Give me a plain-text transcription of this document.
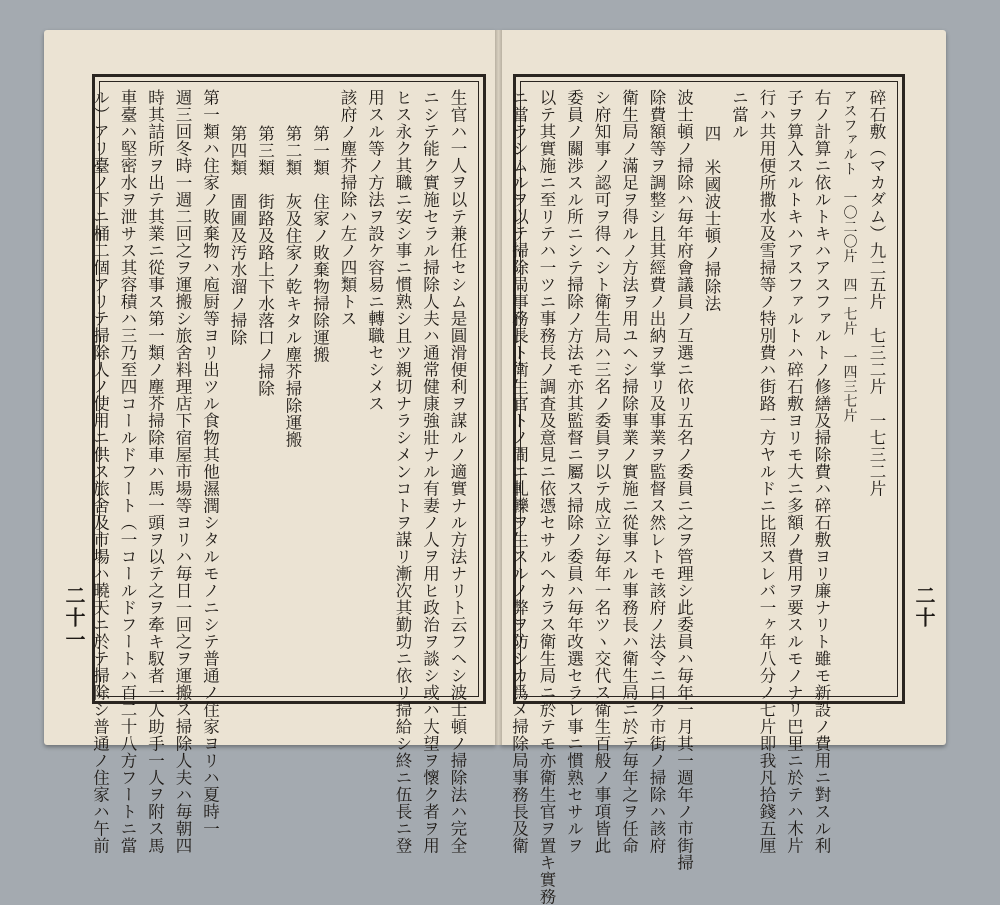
碎石敷（マカダム）九二五片　七三二片　一七三二片
アスファルト　一〇二〇片　四一七片　一四三七片
右ノ計算ニ依ルトキハアスファルトノ修繕及掃除費ハ碎石敷ヨリ廉ナリト雖モ新設ノ費用ニ對スル利
子ヲ算入スルトキハアスファルトハ碎石敷ヨリモ大ニ多額ノ費用ヲ要スルモノナリ巴里ニ於テハ木片
行ハ共用便所撒水及雪掃等ノ特別費ハ街路一方ヤルドニ比照スレバ一ヶ年八分ノ七片即我凡拾錢五厘
ニ當ル
四　米國波士頓ノ掃除法
波士頓ノ掃除ハ毎年府會議員ノ互選ニ依リ五名ノ委員ニ之ヲ管理シ此委員ハ毎年一月其一週年ノ市街掃
除費額等ヲ調整シ且其經費ノ出納ヲ掌リ及事業ヲ監督ス然レトモ該府ノ法令ニ曰ク市街ノ掃除ハ該府
衛生局ノ滿足ヲ得ルノ方法ヲ用ユヘシ掃除事業ノ實施ニ從事スル事務長ハ衛生局ニ於テ毎年之ヲ任命
シ府知事ノ認可ヲ得ヘシト衛生局ハ三名ノ委員ヲ以テ成立シ毎年一名ツヽ交代ス衛生百般ノ事項皆此
委員ノ關渉スル所ニシテ掃除ノ方法モ亦其監督ニ屬ス掃除ノ委員ハ毎年改選セラレ事ニ慣熟セサルヲ
以テ其實施ニ至リテハ一ツニ事務長ノ調査及意見ニ依憑セサルヘカラス衛生局ニ於テモ亦衛生官ヲ置キ實務
ニ當ラシムルヲ以テ掃除局事務長ト衛生官トノ間ニ軋轢ヲ生スルノ弊ヲ防シカ爲メ掃除局事務長及衛	二十
生官ハ一人ヲ以テ兼任セシム是圓滑便利ヲ謀ルノ適實ナル方法ナリト云フヘシ波士頓ノ掃除法ハ完全
ニシテ能ク實施セラル掃除人夫ハ通常健康強壯ナル有妻ノ人ヲ用ヒ政治ヲ談シ或ハ大望ヲ懷ク者ヲ用
ヒス永ク其職ニ安シ事ニ慣熟シ且ツ親切ナラシメンコトヲ謀リ漸次其勤功ニ依リ掃給シ終ニ伍長ニ登
用スル等ノ方法ヲ設ケ容易ニ轉職セシメス
該府ノ塵芥掃除ハ左ノ四類トス
第一類　住家ノ敗棄物掃除運搬
第二類　灰及住家ノ乾キタル塵芥掃除運搬
第三類　街路及路上下水落口ノ掃除
第四類　圊圃及汚水溜ノ掃除
第一類ハ住家ノ敗棄物ハ庖厨等ヨリ出ツル食物其他濕潤シタルモノニシテ普通ノ住家ヨリハ夏時一
週三回冬時一週二回之ヲ運搬シ旅舍料理店下宿屋市場等ヨリハ毎日一回之ヲ運搬ス掃除人夫ハ毎朝四
時其詰所ヲ出テ其業ニ從事ス第一類ノ塵芥掃除車ハ馬一頭ヲ以テ之ヲ牽キ馭者一人助手一人ヲ附ス馬
車臺ハ堅密水ヲ泄サス其容積ハ三乃至四コールドフート（一コールドフートハ百二十八方フートニ當
ル）アリ臺ノ下ニ桶二個アリテ掃除人ノ使用ニ供ス旅舍及市場ハ曉天ニ於テ掃除シ普通ノ住家ハ午前
二十一
